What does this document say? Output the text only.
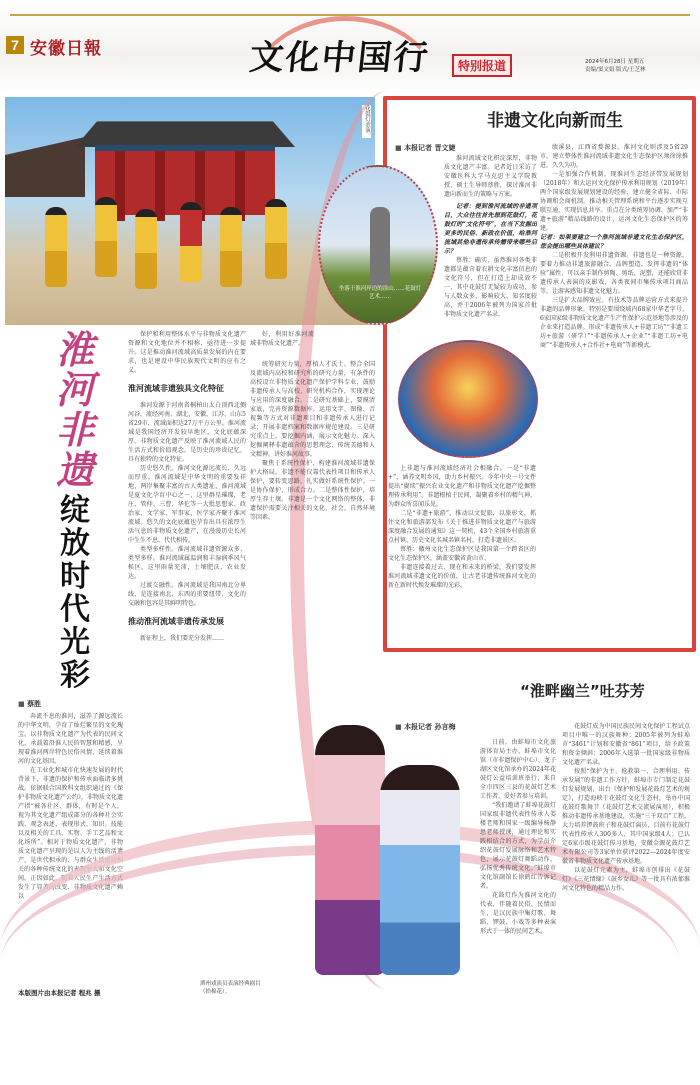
7 安徽日報	文化中国行	特别报道	2024年6月28日 星期五
责编/窦文娟 版式/王芝林
花鼓灯表演。	非遗文化向新而生
■ 本报记者 晋文婕

淮河流域文化积淀深厚，非物质文化遗产丰富。记者近日采访了安徽医科大学马克思主义学院教授、硕士生导师蔡胜，探讨淮河非遗向新而生的策略与方案。

记者：提到淮河流域的非遗项目，大众往往首先想到花鼓灯，花鼓灯的“文化符号”，在当下发掘出更多的民俗、新政在价值，给淮河流域其他非遗传承传播带来哪些启示？

蔡胜：确实，虽然淮河各类非遗都是蕴含着农耕文化丰富信息的文化符号，但在打造上却成效不一，其中花鼓灯无疑较为成功，参与人数众多、影响较大、知名度较高，并于2006年被列为国家首批非物质文化遗产名录。

绩溪县，江西省婺源县。淮河文化则涉及5省29市，建立整体性淮河流域非遗文化生态保护区须徐徐推进，久久为功。

一是加强合作机制。现淮河生态经济带发展规划（2018年）和大运河文化保护传承利用规划（2019年）两个国家级发展规划建设的经验，建立健全省际、市际协调和会商机制。推动相关管理系统和平台逐步实现互联互通，实现信息共享。重点在分类统筹协调、加严“非遗+旅游”精品线路的设计，运河文化生态保护区的筹建。

记者：如果要建立一个淮河流域非遗文化生态保护区，您会提出哪些具体建议？

二是积极开发利用非遗资源。非遗也是一种资源，要着力推动非遗旅游融合、品牌塑造，发挥非遗的“体验”属性，可以亲手制作剪陶、剪纸、泥塑，还能欣赏非遗传承人表演的皮影戏，各类夜间市集传承项目商品等，让游客感知非遗文化魅力。

三是扩大品牌效应。有技术等品牌运营方式来提升非遗的品牌形象。特别是要围绕域内68家中华老字号、6家国家级非物质文化遗产生产性保护示范基地等涉及的企业来打造品牌。形成“非遗传承人+非遗工坊”“非遗工坊+旅游（研学）”“非遗传承人+企业”“非遗工坊+电商”“非遗传承人+合作社+电商”等新模式。

上非遗与淮河流域经济社会相融合。一是“非遗+”，涵养文明乡风，助力乡村振兴。今年中央一号文件提出“赓续”振兴农业文化遗产和非物质文化遗产挖掘整理传承利用”。非遗根植于民间，凝聚着乡村的精气神，为群众所喜闻乐见。

二是“非遗+旅游”，推动以文促旅，以旅彰文。抓住文化和旅游部发布《关于推进非物质文化遗产与旅游深度融合发展的通知》这一契机，43个全国乡村旅游重点村镇、历史文化名城名镇名村，打造非遗景区。

蔡胜：徽州文化生态保护区是我国第一个跨省区的文化生态保护区，涵盖安徽省黄山市、

非遗连接着过去、现在和未来的桥梁，我们要发挥淮河流域非遗文化的价值，让古老非遗传统淮河文化的新在新时代焕发璀璨的光彩。

坐落于淮河岸边的涂山……花鼓灯艺术……
淮河非遗
绽放时代光彩
■ 蔡胜

奔流不息的淮河，滋养了源远流长的中华文明，孕育了灿烂繁星的文化瑰宝。以非物质文化遗产为代表的民间文化，承载着沿淮人民的智慧和精感，呈现着淮河两岸特色民俗风情，延续着淮河的文化基因。

在工业化和城市化快速发展的时代背景下，非遗的保护和传承面临诸多挑战。依据联合国教科文组织通过的《保护非物质文化遗产公约》，非物质文化遗产指“被各社区、群体，有时是个人，视为其文化遗产组成部分的各种社会实践、观念表述、表现形式、知识、技能以及相关的工具、实物、手工艺品和文化场所”。相对于物质文化遗产，非物质文化遗产呈现的是以人为主线的活遗产，是世代相承的、与群众生活密切相关的各种传统文化的表现形式和文化空间。正因如此，随着人民生产生活方式发生了显著的改变，非物质文化遗产赖以

保护和利用整体水平与非物质文化遗产资源和文化地位并不相称，亟待进一步提升。这是推动淮河流域高质量发展的内在要求，也是建设中华民族现代文明的应有之义。

淮河流域非遗独具文化特征

淮河发源于河南省桐柏山太白顶西北侧河谷，流经河南、湖北、安徽、江苏、山东5省29市，流域面积达27万平方公里。淮河流域是我国经济开发较早地区，文化底蕴深厚。非物质文化遗产反映了淮河流域人民的生活方式和价值观念，是历史的珍贵记忆，具有独特的文化特征。

历史悠久性。淮河文化源远流长、久远而厚重。淮河流域是中华文明的重要发祥地，两岸集聚丰富的古人类遗址，淮河流域是夏文化孕育中心之一，这里群星璀璨，老庄、管仲、三曹、华佗等一大批思想家、政治家、文学家、军事家、医学家齐聚于淮河流域。悠久的文化底蕴也孕育出具有浓厚生活气息的非物质文化遗产，在漫漫历史长河中生生不息，代代相传。

类型多样性。淮河流域非遗资源众多、类型多样。淮河流域属温润和丰湿润季风气候区，这里雨量充沛，土壤肥沃，农业发达。

过渡交融性。淮河流域是我国南北分界线，是连接南北、东西的重要纽带，文化的交融和包容是其鲜明特色。

推动淮河流域非遗传承发展

新征程上，我们要充分发挥……

好，利用好淮河流域非物质文化遗产。

统筹研究力量，厚植人才沃土。整合全国及流域内高校和研究所的研究力量，有条件的高校设立非物质文化遗产保护学科专业，鼓励非遗传承人与高校、研究机构合作，实现理论与应用的深度融合。二是研究基础上，要摸清家底，完善资源数据库。运用文字、图像、音视频等方式对非遗项目和非遗传承人进行记录；开展非遗档案和数据库规范建设。三是研究重点上，要挖掘内涵，展示文化魅力。深入挖掘阐释非遗蕴含的思想理念、传统美德和人文精神，讲好淮河故事。

聚焦于系统性保护，构建淮河流域非遗保护大格局。非遗不能仅靠代表性项目和传承人保护，要转变思路，扎实做好系统性保护。一是协作保护，形成合力。二是整体性保护，培厚生存土壤。非遗是一个文化网络的整体，非遗保护需要关注相关的文化、社会、自然环境等因素。

“淮畔幽兰”吐芬芳
■ 本报记者 孙言梅

日前，由蚌埠市文化旅游体育局主办，蚌埠市文化馆（市非遗保护中心）、龙子湖区文化馆承办的2024年花鼓灯公益培训班举行，来自全市四区三县的花鼓灯艺术工作者、爱好者参与培训。

“我们邀请了蚌埠花鼓灯国家级非遗代表性传承人娄楼老师和国家一级编导杨静思老师授课，通过理论和实践相结合的方式，为学员介绍花鼓灯发展脉络和艺术特色，展示花鼓灯舞蹈动作，弘扬优秀传统文化。”蚌埠市文化馆副馆长徐鹤红告诉记者。

花鼓灯作为淮河文化的代表，伴随着民俗、民情而生，是汉民族中集灯歌、舞蹈、锣鼓、小戏等多种表演形式于一体的民间艺术。

花鼓灯成为中国民族民间文化保护工程试点项目中唯一的汉族舞种；2005年被列为蚌埠市“3461”计划和安徽省“861”项目，给予政策和资金倾斜；2006年入选第一批国家级非物质文化遗产名录。

按照“保护为主、抢救第一、合理利用、传承发展”的非遗工作方针，蚌埠市专门制定花鼓灯发展规划，出台《保护和发展花鼓灯艺术的规定》，打造海峡于花鼓灯文化生态村，举办中国花鼓灯歌舞节（花鼓灯艺术交流展演周），积极推动非遗传承基地建设，实施“三千双百”工程，大力培养锣鼓班子和花鼓灯演员，目前有花鼓灯代表性传承人300多人，其中国家级4人；已认定6家市级花鼓灯传习基地，安徽金源花鼓灯艺术有限公司等3家单位获评2022—2024年度安徽省非物质文化遗产传承基地。

以花鼓灯元素为主，蚌埠市创排出《花鼓灯》《三花情缘》《鼓乡女儿》等一批具有浓郁淮河文化特色的精品力作。

泗州戏演员表演经典剧目
（拾棉花）。
本版图片由本报记者 程兆 摄
